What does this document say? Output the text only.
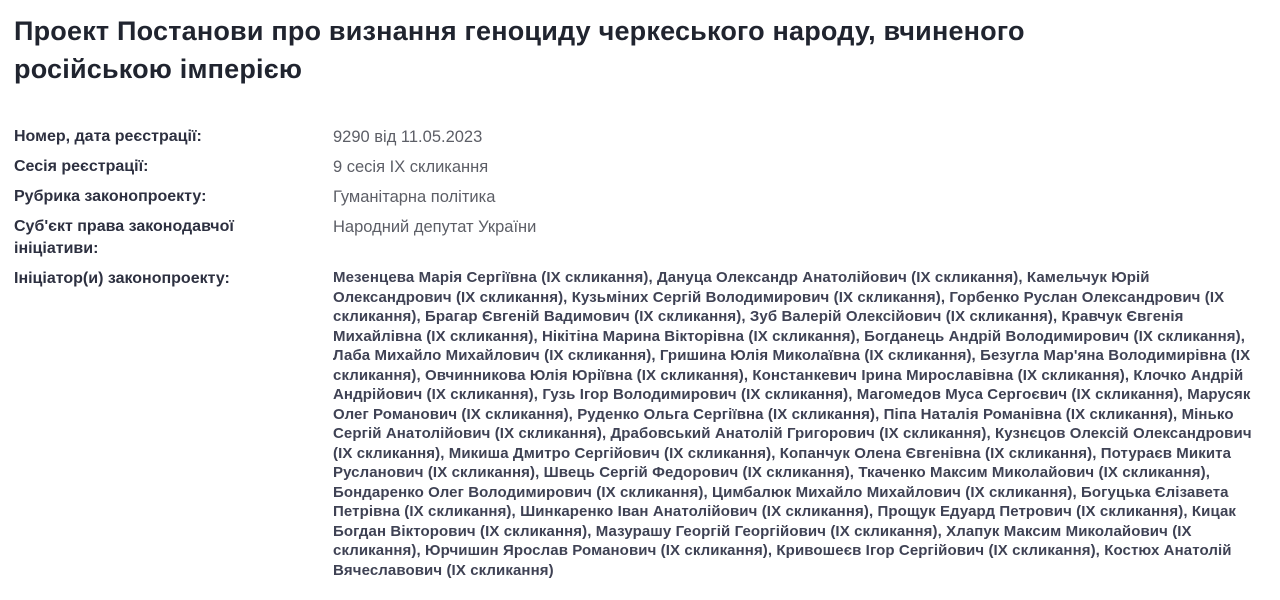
Проект Постанови про визнання геноциду черкеського народу, вчиненого російською імперією
Номер, дата реєстрації:	9290 від 11.05.2023
Сесія реєстрації:	9 сесія IX скликання
Рубрика законопроекту:	Гуманітарна політика
Суб'єкт права законодавчої ініціативи:
Народний депутат України
Ініціатор(и) законопроекту:	Мезенцева Марія Сергіївна (IX скликання), Дануца Олександр Анатолійович (IX скликання), Камельчук Юрій Олександрович (IX скликання), Кузьміних Сергій Володимирович (IX скликання), Горбенко Руслан Олександрович (IX скликання), Брагар Євгеній Вадимович (IX скликання), Зуб Валерій Олексійович (IX скликання), Кравчук Євгенія Михайлівна (IX скликання), Нікітіна Марина Вікторівна (IX скликання), Богданець Андрій Володимирович (IX скликання), Лаба Михайло Михайлович (IX скликання), Гришина Юлія Миколаївна (IX скликання), Безугла Мар'яна Володимирівна (IX скликання), Овчинникова Юлія Юріївна (IX скликання), Констанкевич Ірина Мирославівна (IX скликання), Клочко Андрій Андрійович (IX скликання), Гузь Ігор Володимирович (IX скликання), Магомедов Муса Сергоєвич (IX скликання), Марусяк Олег Романович (IX скликання), Руденко Ольга Сергіївна (IX скликання), Піпа Наталія Романівна (IX скликання), Мінько Сергій Анатолійович (IX скликання), Драбовський Анатолій Григорович (IX скликання), Кузнєцов Олексій Олександрович (IX скликання), Микиша Дмитро Сергійович (IX скликання), Копанчук Олена Євгенівна (IX скликання), Потураєв Микита Русланович (IX скликання), Швець Сергій Федорович (IX скликання), Ткаченко Максим Миколайович (IX скликання), Бондаренко Олег Володимирович (IX скликання), Цимбалюк Михайло Михайлович (IX скликання), Богуцька Єлізавета Петрівна (IX скликання), Шинкаренко Іван Анатолійович (IX скликання), Прощук Едуард Петрович (IX скликання), Кицак Богдан Вікторович (IX скликання), Мазурашу Георгій Георгійович (IX скликання), Хлапук Максим Миколайович (IX скликання), Юрчишин Ярослав Романович (IX скликання), Кривошеєв Ігор Сергійович (IX скликання), Костюх Анатолій Вячеславович (IX скликання)
